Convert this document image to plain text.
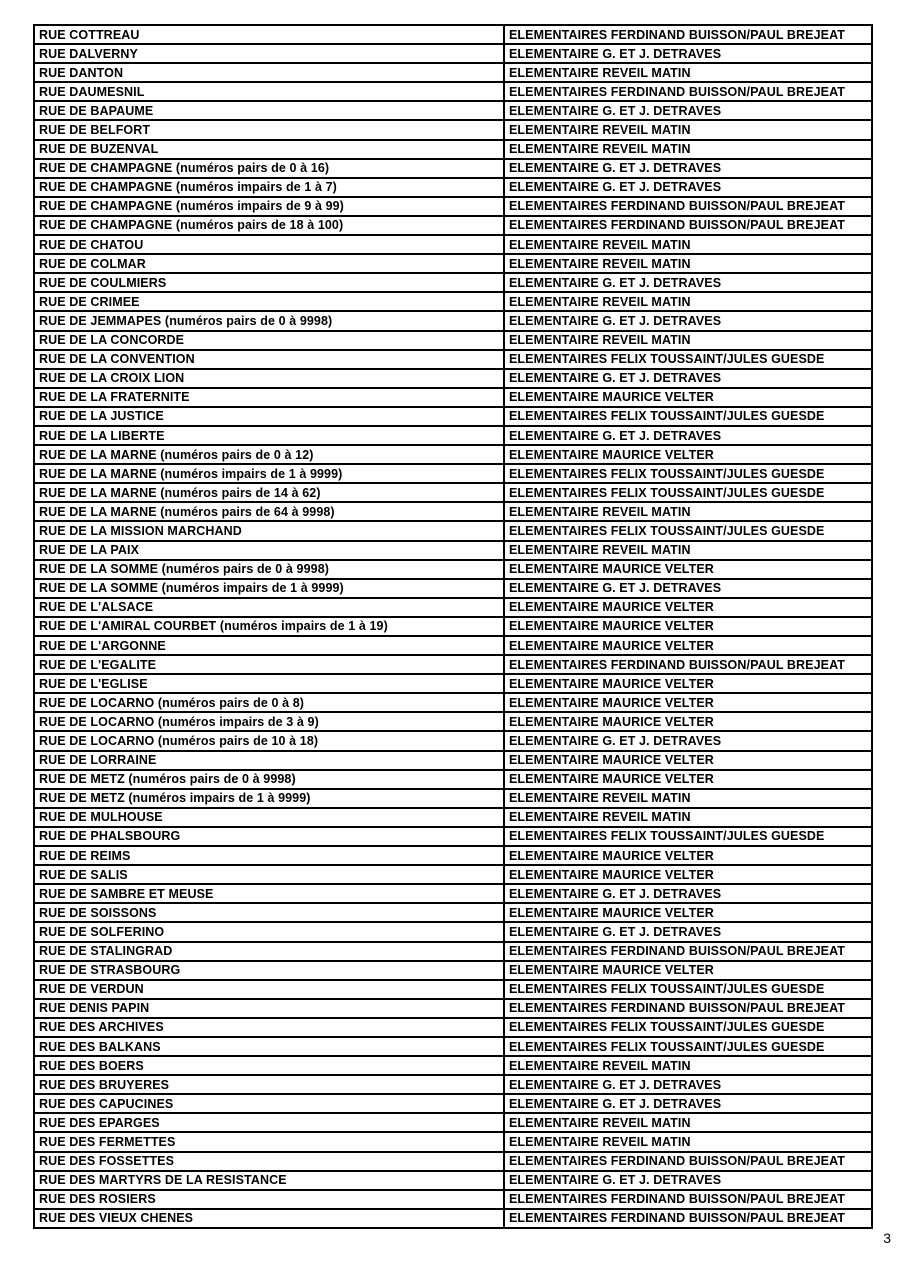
RUE COTTREAU	ELEMENTAIRES FERDINAND BUISSON/PAUL BREJEAT
RUE DALVERNY	ELEMENTAIRE G. ET J. DETRAVES
RUE DANTON	ELEMENTAIRE REVEIL MATIN
RUE DAUMESNIL	ELEMENTAIRES FERDINAND BUISSON/PAUL BREJEAT
RUE DE BAPAUME	ELEMENTAIRE G. ET J. DETRAVES
RUE DE BELFORT	ELEMENTAIRE REVEIL MATIN
RUE DE BUZENVAL	ELEMENTAIRE REVEIL MATIN
RUE DE CHAMPAGNE (numéros pairs de 0 à 16)	ELEMENTAIRE G. ET J. DETRAVES
RUE DE CHAMPAGNE (numéros impairs de 1 à 7)	ELEMENTAIRE G. ET J. DETRAVES
RUE DE CHAMPAGNE (numéros impairs de 9 à 99)	ELEMENTAIRES FERDINAND BUISSON/PAUL BREJEAT
RUE DE CHAMPAGNE (numéros pairs de 18 à 100)	ELEMENTAIRES FERDINAND BUISSON/PAUL BREJEAT
RUE DE CHATOU	ELEMENTAIRE REVEIL MATIN
RUE DE COLMAR	ELEMENTAIRE REVEIL MATIN
RUE DE COULMIERS	ELEMENTAIRE G. ET J. DETRAVES
RUE DE CRIMEE	ELEMENTAIRE REVEIL MATIN
RUE DE JEMMAPES (numéros pairs de 0 à 9998)	ELEMENTAIRE G. ET J. DETRAVES
RUE DE LA CONCORDE	ELEMENTAIRE REVEIL MATIN
RUE DE LA CONVENTION	ELEMENTAIRES FELIX TOUSSAINT/JULES GUESDE
RUE DE LA CROIX LION	ELEMENTAIRE G. ET J. DETRAVES
RUE DE LA FRATERNITE	ELEMENTAIRE MAURICE VELTER
RUE DE LA JUSTICE	ELEMENTAIRES FELIX TOUSSAINT/JULES GUESDE
RUE DE LA LIBERTE	ELEMENTAIRE G. ET J. DETRAVES
RUE DE LA MARNE (numéros pairs de 0 à 12)	ELEMENTAIRE MAURICE VELTER
RUE DE LA MARNE (numéros impairs de 1 à 9999)	ELEMENTAIRES FELIX TOUSSAINT/JULES GUESDE
RUE DE LA MARNE (numéros pairs de 14 à 62)	ELEMENTAIRES FELIX TOUSSAINT/JULES GUESDE
RUE DE LA MARNE (numéros pairs de 64 à 9998)	ELEMENTAIRE REVEIL MATIN
RUE DE LA MISSION MARCHAND	ELEMENTAIRES FELIX TOUSSAINT/JULES GUESDE
RUE DE LA PAIX	ELEMENTAIRE REVEIL MATIN
RUE DE LA SOMME (numéros pairs de 0 à 9998)	ELEMENTAIRE MAURICE VELTER
RUE DE LA SOMME (numéros impairs de 1 à 9999)	ELEMENTAIRE G. ET J. DETRAVES
RUE DE L'ALSACE	ELEMENTAIRE MAURICE VELTER
RUE DE L'AMIRAL COURBET (numéros impairs de 1 à 19)	ELEMENTAIRE MAURICE VELTER
RUE DE L'ARGONNE	ELEMENTAIRE MAURICE VELTER
RUE DE L'EGALITE	ELEMENTAIRES FERDINAND BUISSON/PAUL BREJEAT
RUE DE L'EGLISE	ELEMENTAIRE MAURICE VELTER
RUE DE LOCARNO (numéros pairs de 0 à 8)	ELEMENTAIRE MAURICE VELTER
RUE DE LOCARNO (numéros impairs de 3 à 9)	ELEMENTAIRE MAURICE VELTER
RUE DE LOCARNO (numéros pairs de 10 à 18)	ELEMENTAIRE G. ET J. DETRAVES
RUE DE LORRAINE	ELEMENTAIRE MAURICE VELTER
RUE DE METZ (numéros pairs de 0 à 9998)	ELEMENTAIRE MAURICE VELTER
RUE DE METZ (numéros impairs de 1 à 9999)	ELEMENTAIRE REVEIL MATIN
RUE DE MULHOUSE	ELEMENTAIRE REVEIL MATIN
RUE DE PHALSBOURG	ELEMENTAIRES FELIX TOUSSAINT/JULES GUESDE
RUE DE REIMS	ELEMENTAIRE MAURICE VELTER
RUE DE SALIS	ELEMENTAIRE MAURICE VELTER
RUE DE SAMBRE ET MEUSE	ELEMENTAIRE G. ET J. DETRAVES
RUE DE SOISSONS	ELEMENTAIRE MAURICE VELTER
RUE DE SOLFERINO	ELEMENTAIRE G. ET J. DETRAVES
RUE DE STALINGRAD	ELEMENTAIRES FERDINAND BUISSON/PAUL BREJEAT
RUE DE STRASBOURG	ELEMENTAIRE MAURICE VELTER
RUE DE VERDUN	ELEMENTAIRES FELIX TOUSSAINT/JULES GUESDE
RUE DENIS PAPIN	ELEMENTAIRES FERDINAND BUISSON/PAUL BREJEAT
RUE DES ARCHIVES	ELEMENTAIRES FELIX TOUSSAINT/JULES GUESDE
RUE DES BALKANS	ELEMENTAIRES FELIX TOUSSAINT/JULES GUESDE
RUE DES BOERS	ELEMENTAIRE REVEIL MATIN
RUE DES BRUYERES	ELEMENTAIRE G. ET J. DETRAVES
RUE DES CAPUCINES	ELEMENTAIRE G. ET J. DETRAVES
RUE DES EPARGES	ELEMENTAIRE REVEIL MATIN
RUE DES FERMETTES	ELEMENTAIRE REVEIL MATIN
RUE DES FOSSETTES	ELEMENTAIRES FERDINAND BUISSON/PAUL BREJEAT
RUE DES MARTYRS DE LA RESISTANCE	ELEMENTAIRE G. ET J. DETRAVES
RUE DES ROSIERS	ELEMENTAIRES FERDINAND BUISSON/PAUL BREJEAT
RUE DES VIEUX CHENES	ELEMENTAIRES FERDINAND BUISSON/PAUL BREJEAT
3
